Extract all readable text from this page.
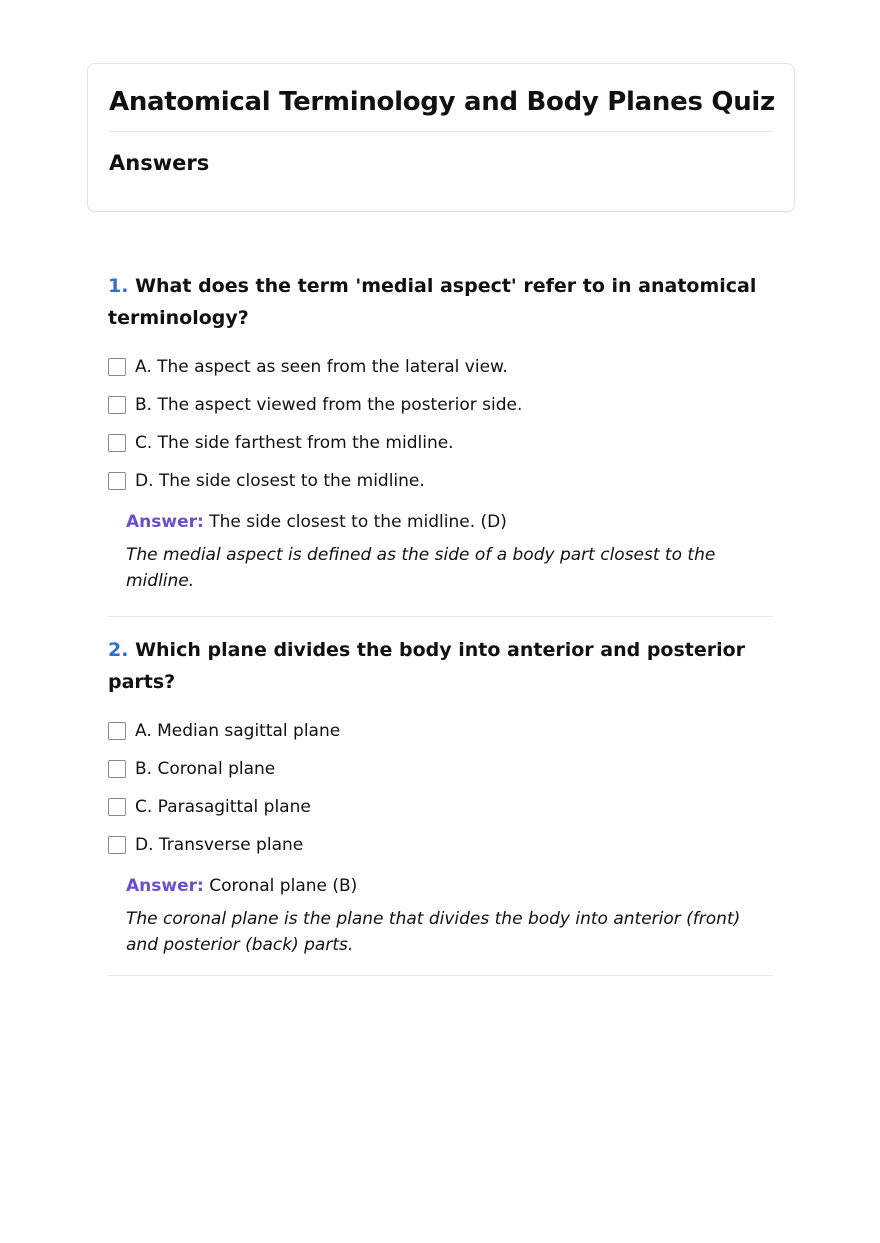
Anatomical Terminology and Body Planes Quiz
Answers
1. What does the term 'medial aspect' refer to in anatomical terminology?
A. The aspect as seen from the lateral view.
B. The aspect viewed from the posterior side.
C. The side farthest from the midline.
D. The side closest to the midline.
Answer: The side closest to the midline. (D)
The medial aspect is defined as the side of a body part closest to the midline.
2. Which plane divides the body into anterior and posterior parts?
A. Median sagittal plane
B. Coronal plane
C. Parasagittal plane
D. Transverse plane
Answer: Coronal plane (B)
The coronal plane is the plane that divides the body into anterior (front) and posterior (back) parts.
